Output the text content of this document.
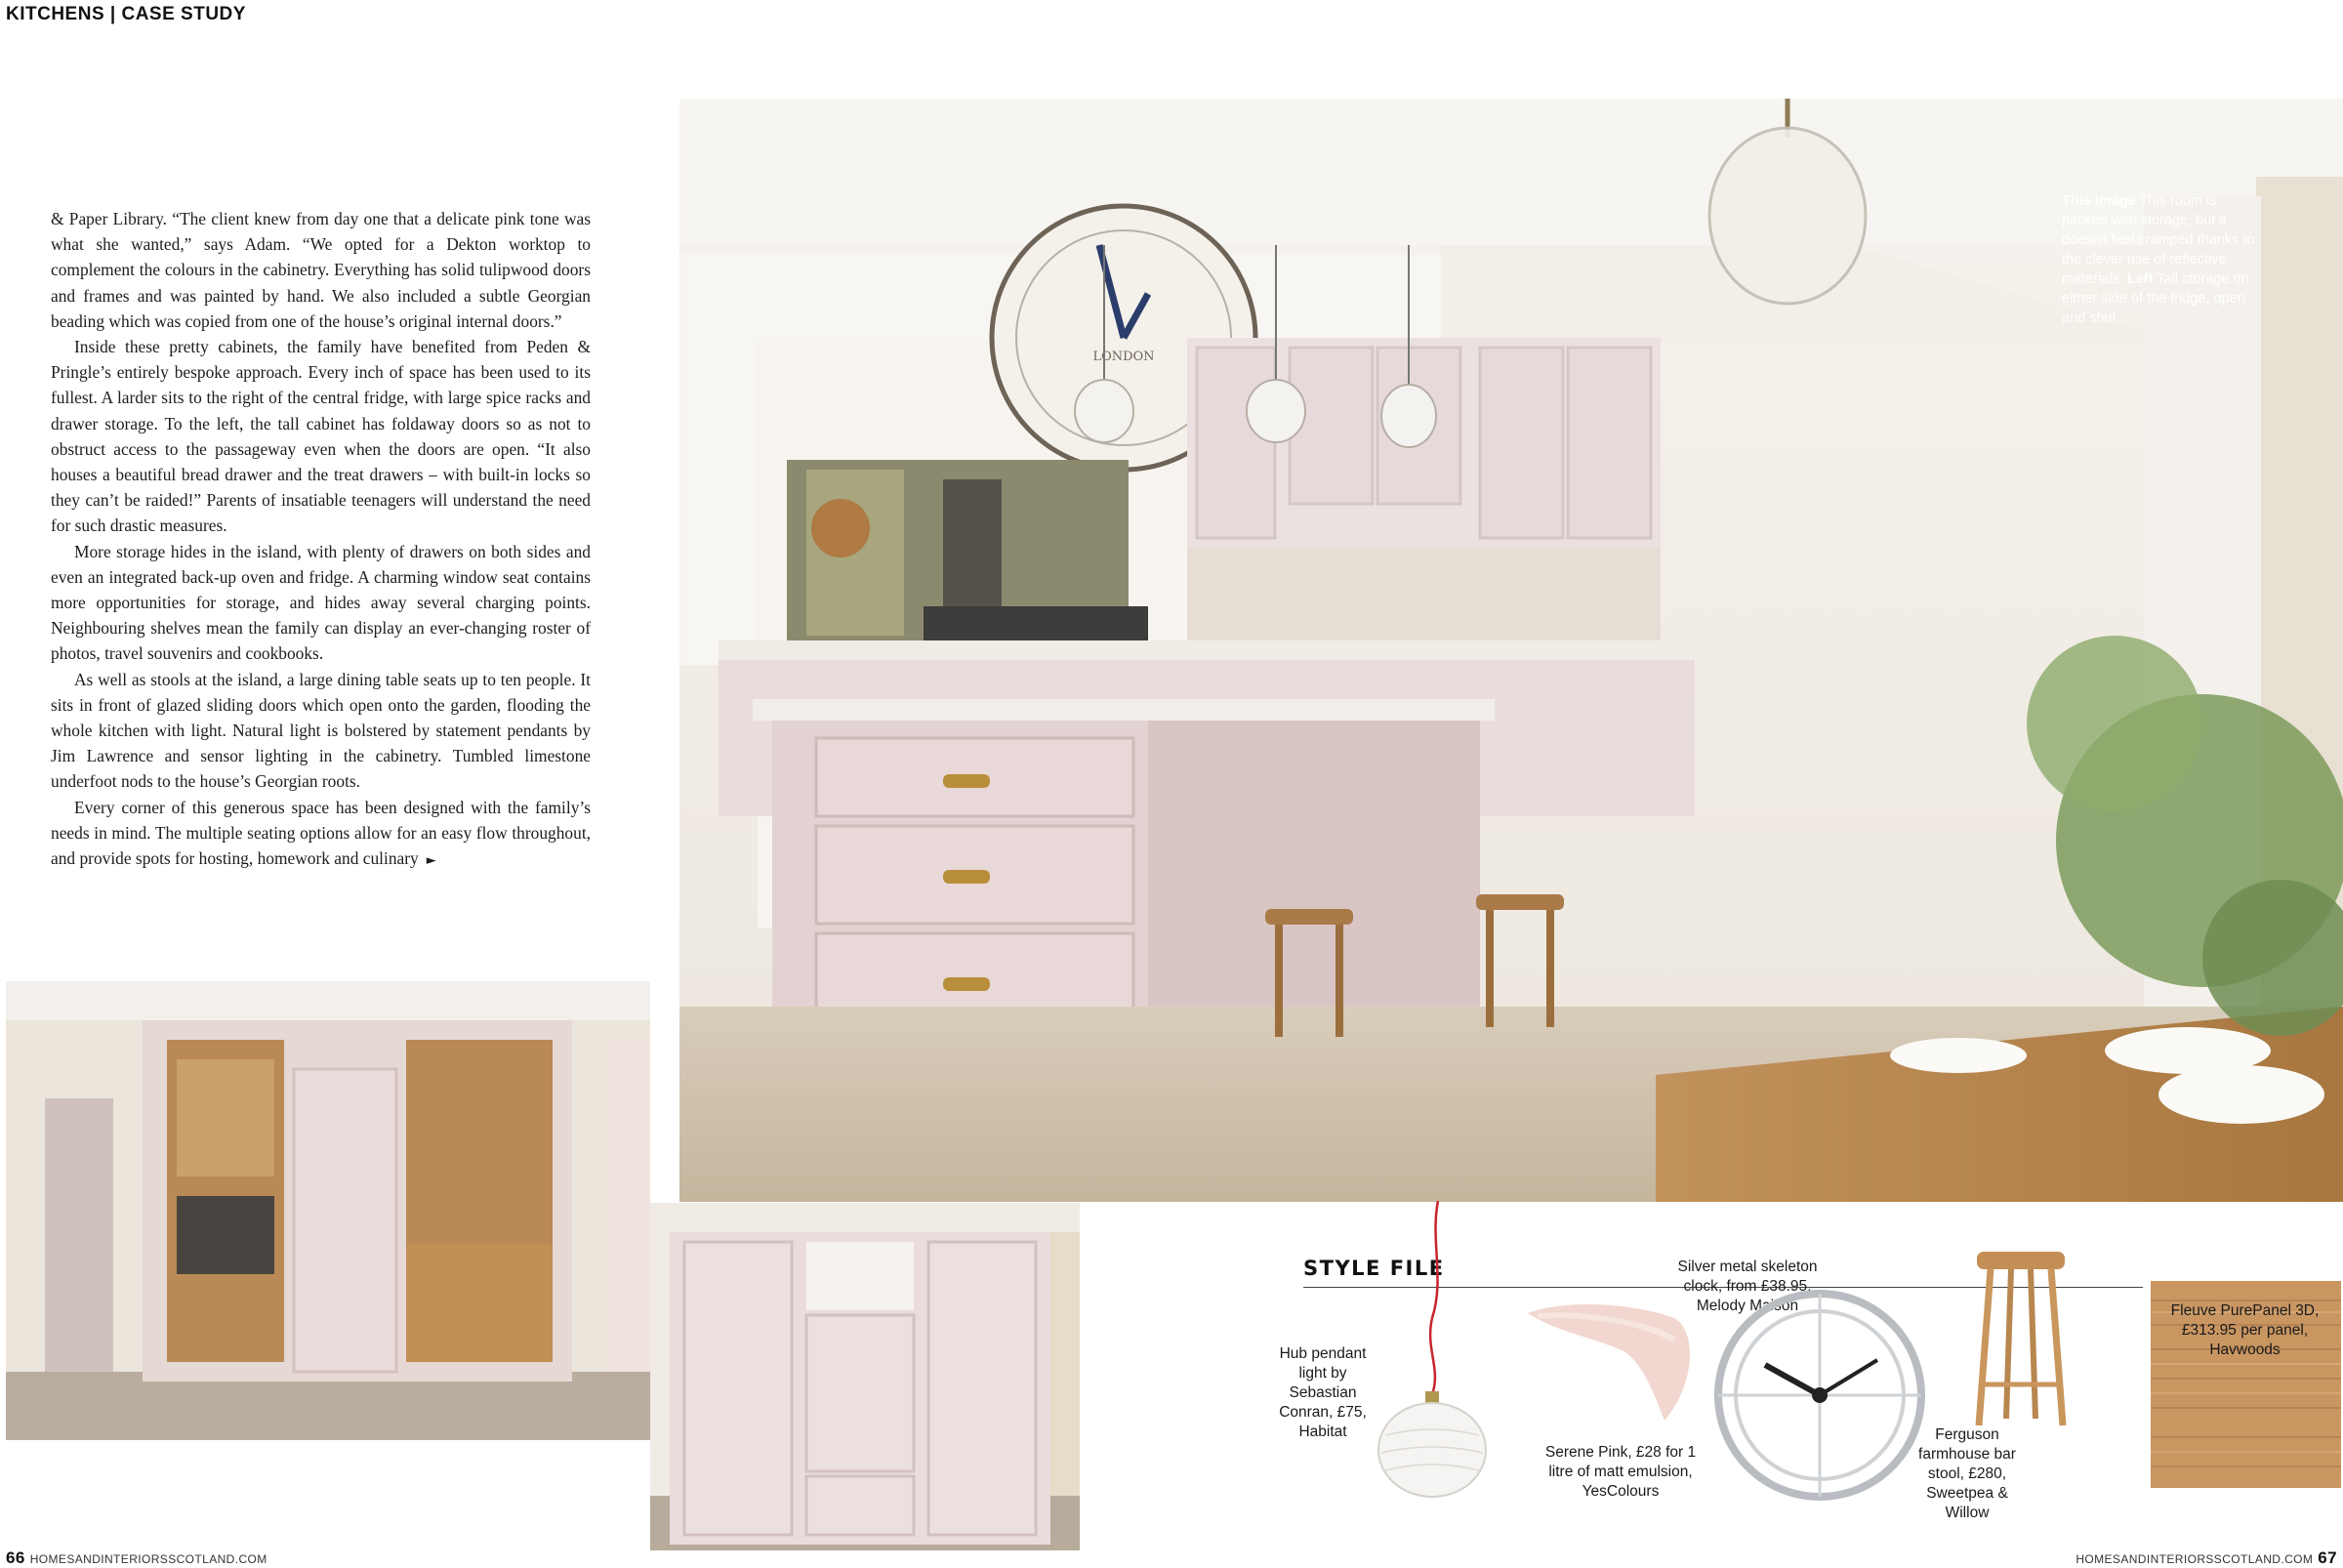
KITCHENS | CASE STUDY

& Paper Library. “The client knew from day one that a delicate pink tone was what she wanted,” says Adam. “We opted for a Dekton worktop to complement the colours in the cabinetry. Everything has solid tulipwood doors and frames and was painted by hand. We also included a subtle Georgian beading which was copied from one of the house’s original internal doors.”

Inside these pretty cabinets, the family have benefited from Peden & Pringle’s entirely bespoke approach. Every inch of space has been used to its fullest. A larder sits to the right of the central fridge, with large spice racks and drawer storage. To the left, the tall cabinet has foldaway doors so as not to obstruct access to the passageway even when the doors are open. “It also houses a beautiful bread drawer and the treat drawers – with built-in locks so they can’t be raided!” Parents of insatiable teenagers will understand the need for such drastic measures.

More storage hides in the island, with plenty of drawers on both sides and even an integrated back-up oven and fridge. A charming window seat contains more opportunities for storage, and hides away several charging points. Neighbouring shelves mean the family can display an ever-changing roster of photos, travel souvenirs and cookbooks.

As well as stools at the island, a large dining table seats up to ten people. It sits in front of glazed sliding doors which open onto the garden, flooding the whole kitchen with light. Natural light is bolstered by statement pendants by Jim Lawrence and sensor lighting in the cabinetry. Tumbled limestone underfoot nods to the house’s Georgian roots.

Every corner of this generous space has been designed with the family’s needs in mind. The multiple seating options allow for an easy flow throughout, and provide spots for hosting, homework and culinary ►

LONDON
This image This room is packed with storage, but it doesn’t feel cramped thanks to the clever use of reflective materials. Left Tall storage on either side of the fridge, open and shut
STYLE FILE
Hub pendant light by Sebastian Conran, £75, Habitat
Serene Pink, £28 for 1 litre of matt emulsion, YesColours
Silver metal skeleton clock, from £38.95, Melody Maison
Ferguson farmhouse bar stool, £280, Sweetpea & Willow
Fleuve PurePanel 3D, £313.95 per panel, Havwoods
66 HOMESANDINTERIORSSCOTLAND.COM	HOMESANDINTERIORSSCOTLAND.COM 67
